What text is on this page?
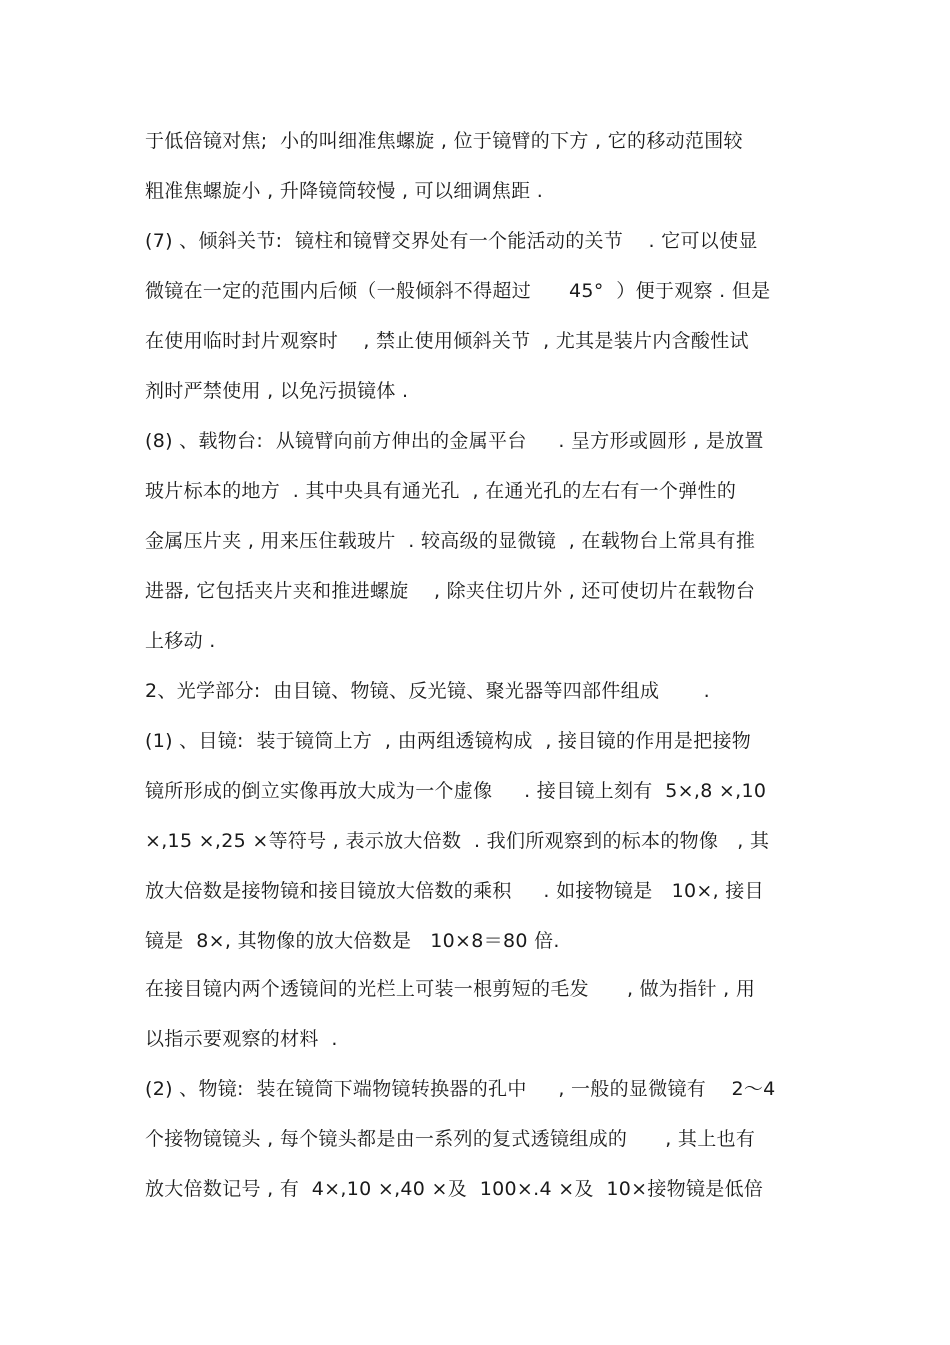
于低倍镜对焦;  小的叫细准焦螺旋 , 位于镜臂的下方 , 它的移动范围较
粗准焦螺旋小 , 升降镜筒较慢 , 可以细调焦距 .
(7) 、倾斜关节:  镜柱和镜臂交界处有一个能活动的关节    . 它可以使显
微镜在一定的范围内后倾（一般倾斜不得超过      45°  ）便于观察 . 但是
在使用临时封片观察时    , 禁止使用倾斜关节  , 尤其是装片内含酸性试
剂时严禁使用 , 以免污损镜体 .
(8) 、载物台:  从镜臂向前方伸出的金属平台     . 呈方形或圆形 , 是放置
玻片标本的地方  . 其中央具有通光孔  , 在通光孔的左右有一个弹性的
金属压片夹 , 用来压住载玻片  . 较高级的显微镜  , 在载物台上常具有推
进器, 它包括夹片夹和推进螺旋    , 除夹住切片外 , 还可使切片在载物台
上移动 .
2、光学部分:  由目镜、物镜、反光镜、聚光器等四部件组成       .
(1) 、目镜:  装于镜筒上方  , 由两组透镜构成  , 接目镜的作用是把接物
镜所形成的倒立实像再放大成为一个虚像     . 接目镜上刻有  5×,8 ×,10
×,15 ×,25 ×等符号 , 表示放大倍数  . 我们所观察到的标本的物像   , 其
放大倍数是接物镜和接目镜放大倍数的乘积     . 如接物镜是   10×, 接目
镜是  8×, 其物像的放大倍数是   10×8＝80 倍.
在接目镜内两个透镜间的光栏上可装一根剪短的毛发      , 做为指针 , 用
以指示要观察的材料  .
(2) 、物镜:  装在镜筒下端物镜转换器的孔中     , 一般的显微镜有    2～4
个接物镜镜头 , 每个镜头都是由一系列的复式透镜组成的      , 其上也有
放大倍数记号 , 有  4×,10 ×,40 ×及  100×.4 ×及  10×接物镜是低倍
